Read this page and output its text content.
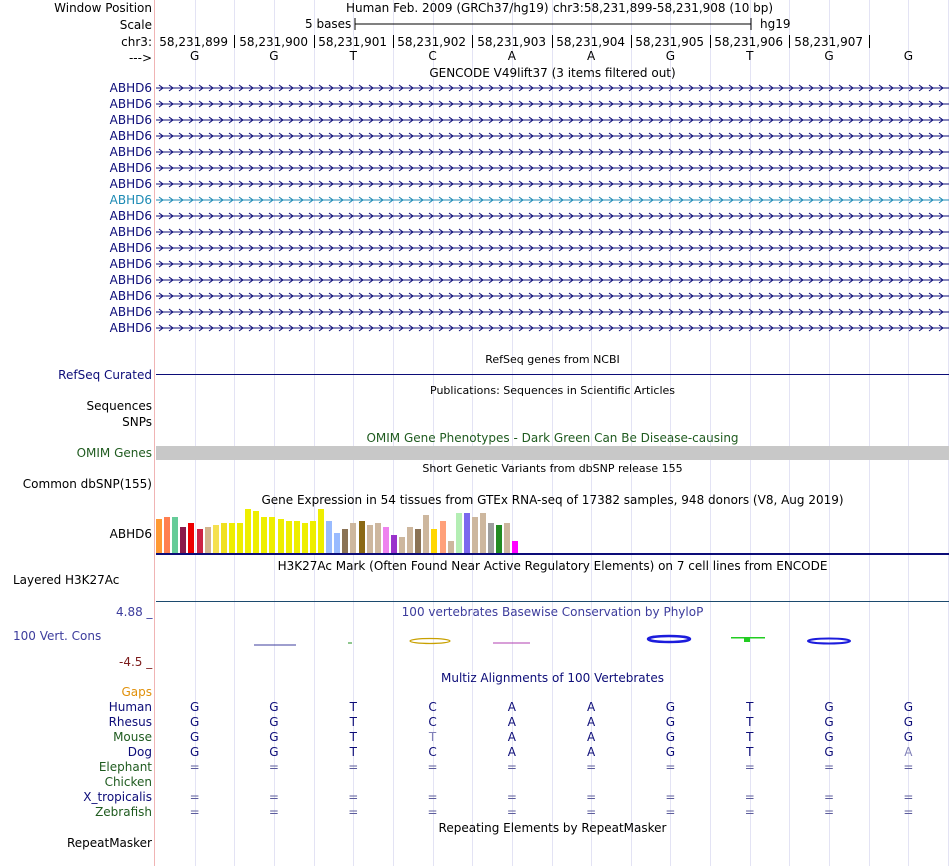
Window Position	Human Feb. 2009 (GRCh37/hg19) chr3:58,231,899-58,231,908 (10 bp)
Scale	5 bases	hg19
chr3: 58,231,899 58,231,900 58,231,901 58,231,902 58,231,903 58,231,904 58,231,905 58,231,906 58,231,907
--->	G	G	T	C	A	A	G	T	G	G
GENCODE V49lift37 (3 items filtered out)
ABHD6
ABHD6
ABHD6
ABHD6
ABHD6
ABHD6
ABHD6
ABHD6
ABHD6
ABHD6
ABHD6
ABHD6
ABHD6
ABHD6
ABHD6
ABHD6
RefSeq genes from NCBI
RefSeq Curated
Publications: Sequences in Scientific Articles
Sequences
SNPs
OMIM Gene Phenotypes - Dark Green Can Be Disease-causing
OMIM Genes
Short Genetic Variants from dbSNP release 155
Common dbSNP(155)
Gene Expression in 54 tissues from GTEx RNA-seq of 17382 samples, 948 donors (V8, Aug 2019)
ABHD6
H3K27Ac Mark (Often Found Near Active Regulatory Elements) on 7 cell lines from ENCODE
Layered H3K27Ac
4.88 _	100 vertebrates Basewise Conservation by PhyloP
100 Vert. Cons
-4.5 _
Multiz Alignments of 100 Vertebrates
Gaps
Human	G	G	T	C	A	A	G	T	G	G
Rhesus	G	G	T	C	A	A	G	T	G	G
Mouse	G	G	T	T	A	A	G	T	G	G
Dog	G	G	T	C	A	A	G	T	G	A
Elephant	=	=	=	=	=	=	=	=	=	=
Chicken
X_tropicalis	=	=	=	=	=	=	=	=	=	=
Zebrafish	=	=	=	=	=	=	=	=	=	=
Repeating Elements by RepeatMasker
RepeatMasker
